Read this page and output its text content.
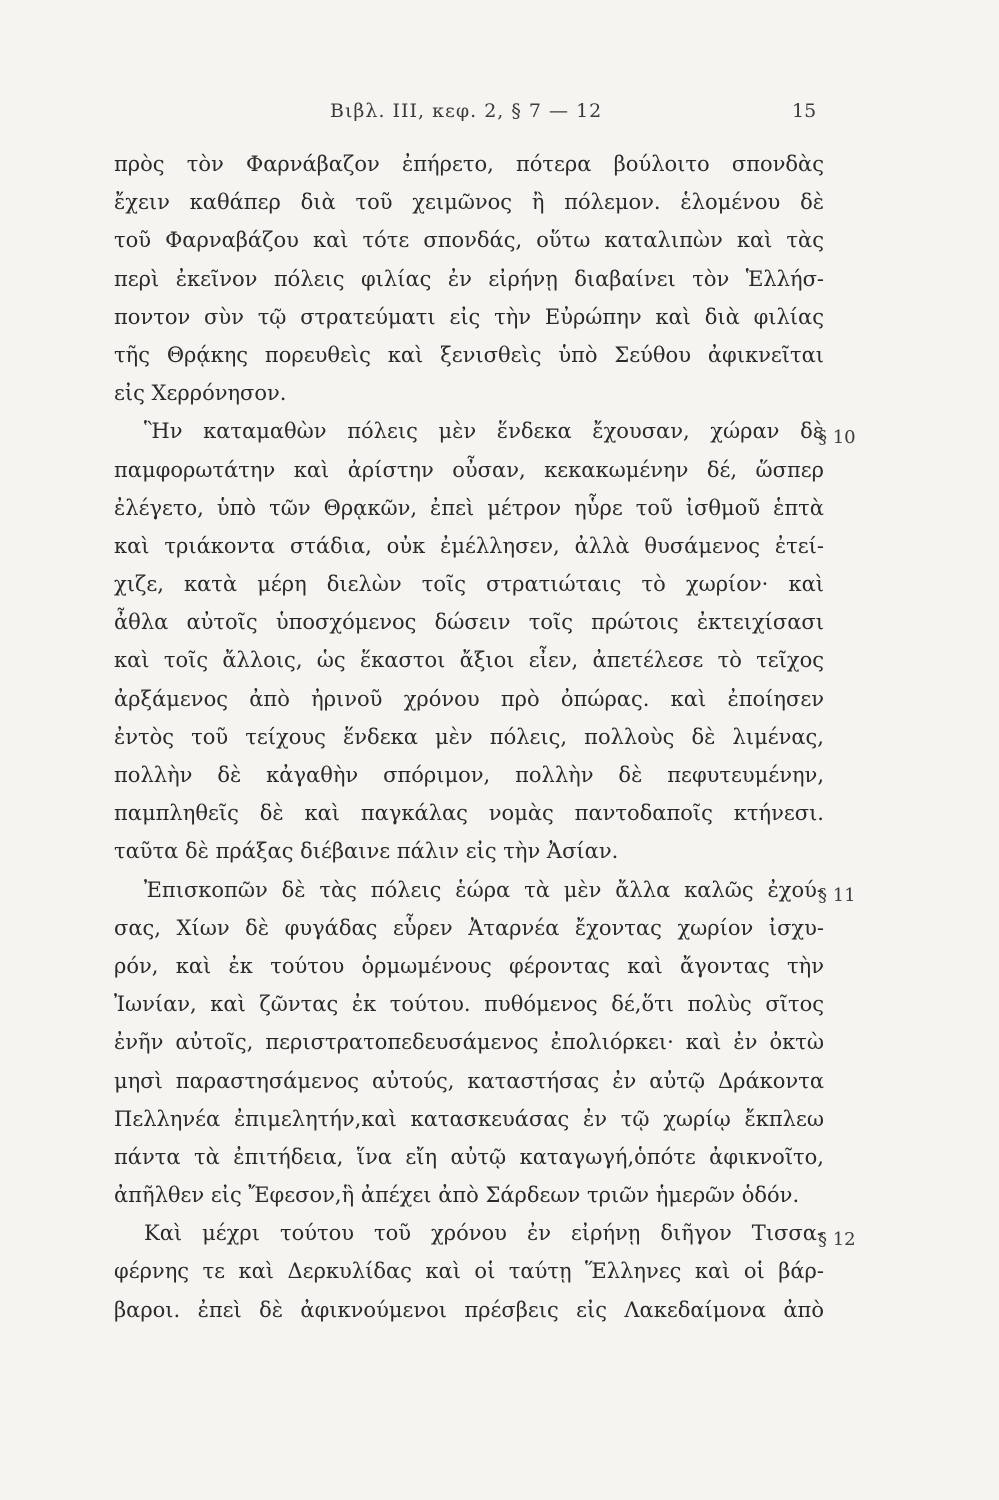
Βιβλ. ΙΙΙ, κεφ. 2, § 7 — 12	15
πρὸς τὸν Φαρνάβαζον ἐπήρετο, πότερα βούλοιτο σπονδὰς
ἔχειν καθάπερ διὰ τοῦ χειμῶνος ἢ πόλεμον. ἑλομένου δὲ
τοῦ Φαρναβάζου καὶ τότε σπονδάς, οὕτω καταλιπὼν καὶ τὰς
περὶ ἐκεῖνον πόλεις φιλίας ἐν εἰρήνῃ διαβαίνει τὸν Ἑλλήσ-
ποντον σὺν τῷ στρατεύματι εἰς τὴν Εὐρώπην καὶ διὰ φιλίας
τῆς Θρᾴκης πορευθεὶς καὶ ξενισθεὶς ὑπὸ Σεύθου ἀφικνεῖται
εἰς Χερρόνησον.
Ἣν καταμαθὼν πόλεις μὲν ἕνδεκα ἔχουσαν, χώραν δὲ
παμφορωτάτην καὶ ἀρίστην οὖσαν, κεκακωμένην δέ, ὥσπερ
ἐλέγετο, ὑπὸ τῶν Θρᾳκῶν, ἐπεὶ μέτρον ηὗρε τοῦ ἰσθμοῦ ἑπτὰ
καὶ τριάκοντα στάδια, οὐκ ἐμέλλησεν, ἀλλὰ θυσάμενος ἐτεί-
χιζε, κατὰ μέρη διελὼν τοῖς στρατιώταις τὸ χωρίον· καὶ
ἆθλα αὐτοῖς ὑποσχόμενος δώσειν τοῖς πρώτοις ἐκτειχίσασι
καὶ τοῖς ἄλλοις, ὡς ἕκαστοι ἄξιοι εἶεν, ἀπετέλεσε τὸ τεῖχος
ἀρξάμενος ἀπὸ ἠρινοῦ χρόνου πρὸ ὀπώρας. καὶ ἐποίησεν
ἐντὸς τοῦ τείχους ἕνδεκα μὲν πόλεις, πολλοὺς δὲ λιμένας,
πολλὴν δὲ κἀγαθὴν σπόριμον, πολλὴν δὲ πεφυτευμένην,
παμπληθεῖς δὲ καὶ παγκάλας νομὰς παντοδαποῖς κτήνεσι.
ταῦτα δὲ πράξας διέβαινε πάλιν εἰς τὴν Ἀσίαν.
Ἐπισκοπῶν δὲ τὰς πόλεις ἑώρα τὰ μὲν ἄλλα καλῶς ἐχού-
σας, Χίων δὲ φυγάδας εὗρεν Ἀταρνέα ἔχοντας χωρίον ἰσχυ-
ρόν, καὶ ἐκ τούτου ὁρμωμένους φέροντας καὶ ἄγοντας τὴν
Ἰωνίαν, καὶ ζῶντας ἐκ τούτου. πυθόμενος δέ,ὅτι πολὺς σῖτος
ἐνῆν αὐτοῖς, περιστρατοπεδευσάμενος ἐπολιόρκει· καὶ ἐν ὀκτὼ
μησὶ παραστησάμενος αὐτούς, καταστήσας ἐν αὐτῷ Δράκοντα
Πελληνέα ἐπιμελητήν,καὶ κατασκευάσας ἐν τῷ χωρίῳ ἔκπλεω
πάντα τὰ ἐπιτήδεια, ἵνα εἴη αὐτῷ καταγωγή,ὁπότε ἀφικνοῖτο,
ἀπῆλθεν εἰς Ἔφεσον,ἣ ἀπέχει ἀπὸ Σάρδεων τριῶν ἡμερῶν ὁδόν.
Καὶ μέχρι τούτου τοῦ χρόνου ἐν εἰρήνῃ διῆγον Τισσα-
φέρνης τε καὶ Δερκυλίδας καὶ οἱ ταύτῃ Ἕλληνες καὶ οἱ βάρ-
βαροι. ἐπεὶ δὲ ἀφικνούμενοι πρέσβεις εἰς Λακεδαίμονα ἀπὸ
§ 10
§ 11
§ 12
